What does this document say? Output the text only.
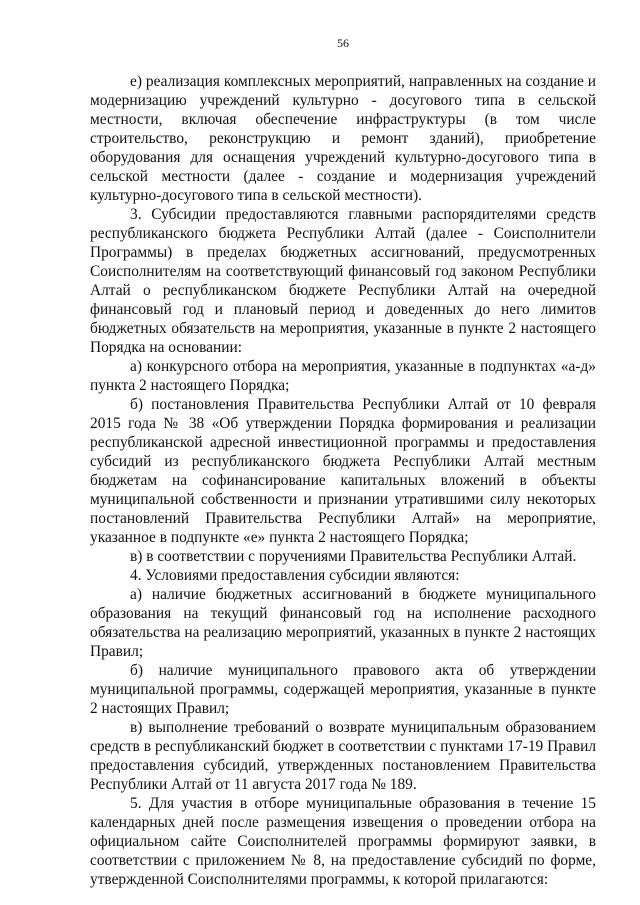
56

е) реализация комплексных мероприятий, направленных на создание и модернизацию учреждений культурно - досугового типа в сельской местности, включая обеспечение инфраструктуры (в том числе строительство, реконструкцию и ремонт зданий), приобретение оборудования для оснащения учреждений культурно-досугового типа в сельской местности (далее - создание и модернизация учреждений культурно-досугового типа в сельской местности).

3. Субсидии предоставляются главными распорядителями средств республиканского бюджета Республики Алтай (далее - Соисполнители Программы) в пределах бюджетных ассигнований, предусмотренных Соисполнителям на соответствующий финансовый год законом Республики Алтай о республиканском бюджете Республики Алтай на очередной финансовый год и плановый период и доведенных до него лимитов бюджетных обязательств на мероприятия, указанные в пункте 2 настоящего Порядка на основании:

а) конкурсного отбора на мероприятия, указанные в подпунктах «а-д» пункта 2 настоящего Порядка;

б) постановления Правительства Республики Алтай от 10 февраля 2015 года № 38 «Об утверждении Порядка формирования и реализации республиканской адресной инвестиционной программы и предоставления субсидий из республиканского бюджета Республики Алтай местным бюджетам на софинансирование капитальных вложений в объекты муниципальной собственности и признании утратившими силу некоторых постановлений Правительства Республики Алтай» на мероприятие, указанное в подпункте «е» пункта 2 настоящего Порядка;

в) в соответствии с поручениями Правительства Республики Алтай.

4. Условиями предоставления субсидии являются:

а) наличие бюджетных ассигнований в бюджете муниципального образования на текущий финансовый год на исполнение расходного обязательства на реализацию мероприятий, указанных в пункте 2 настоящих Правил;

б) наличие муниципального правового акта об утверждении муниципальной программы, содержащей мероприятия, указанные в пункте 2 настоящих Правил;

в) выполнение требований о возврате муниципальным образованием средств в республиканский бюджет в соответствии с пунктами 17-19 Правил предоставления субсидий, утвержденных постановлением Правительства Республики Алтай от 11 августа 2017 года № 189.

5. Для участия в отборе муниципальные образования в течение 15 календарных дней после размещения извещения о проведении отбора на официальном сайте Соисполнителей программы формируют заявки, в соответствии с приложением № 8, на предоставление субсидий по форме, утвержденной Соисполнителями программы, к которой прилагаются:
